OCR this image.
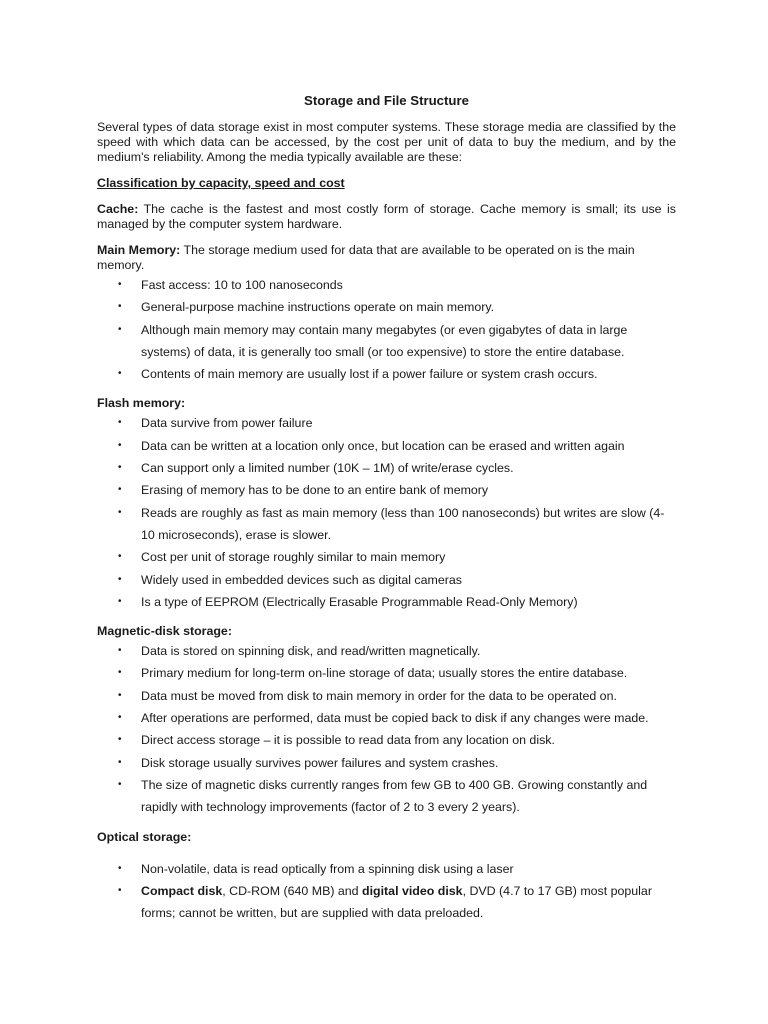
Storage and File Structure

Several types of data storage exist in most computer systems. These storage media are classified by the speed with which data can be accessed, by the cost per unit of data to buy the medium, and by the medium's reliability. Among the media typically available are these:

Classification by capacity, speed and cost

Cache: The cache is the fastest and most costly form of storage. Cache memory is small; its use is managed by the computer system hardware.

Main Memory: The storage medium used for data that are available to be operated on is the main memory.
• Fast access: 10 to 100 nanoseconds
• General-purpose machine instructions operate on main memory.
• Although main memory may contain many megabytes (or even gigabytes of data in large systems) of data, it is generally too small (or too expensive) to store the entire database.
• Contents of main memory are usually lost if a power failure or system crash occurs.
Flash memory:
• Data survive from power failure
• Data can be written at a location only once, but location can be erased and written again
• Can support only a limited number (10K – 1M) of write/erase cycles.
• Erasing of memory has to be done to an entire bank of memory
• Reads are roughly as fast as main memory (less than 100 nanoseconds) but writes are slow (4-10 microseconds), erase is slower.
• Cost per unit of storage roughly similar to main memory
• Widely used in embedded devices such as digital cameras
• Is a type of EEPROM (Electrically Erasable Programmable Read-Only Memory)
Magnetic-disk storage:
• Data is stored on spinning disk, and read/written magnetically.
• Primary medium for long-term on-line storage of data; usually stores the entire database.
• Data must be moved from disk to main memory in order for the data to be operated on.
• After operations are performed, data must be copied back to disk if any changes were made.
• Direct access storage – it is possible to read data from any location on disk.
• Disk storage usually survives power failures and system crashes.
• The size of magnetic disks currently ranges from few GB to 400 GB. Growing constantly and rapidly with technology improvements (factor of 2 to 3 every 2 years).
Optical storage:
• Non-volatile, data is read optically from a spinning disk using a laser
• Compact disk, CD-ROM (640 MB) and digital video disk, DVD (4.7 to 17 GB) most popular forms; cannot be written, but are supplied with data preloaded.
